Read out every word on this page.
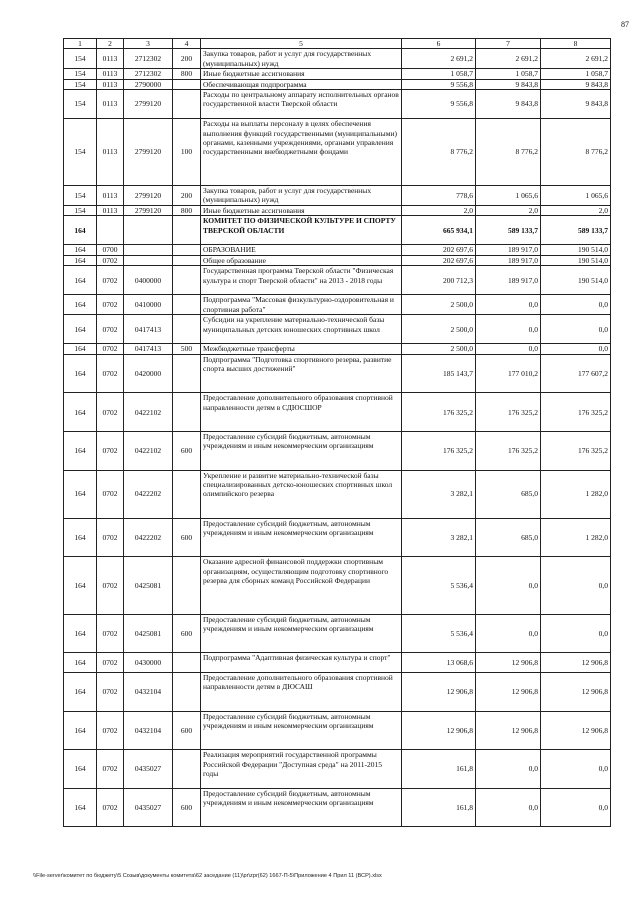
87
1	2	3	4	5	6	7	8
154	0113	2712302	200	Закупка товаров, работ и услуг для государственных (муниципальных) нужд	2 691,2	2 691,2	2 691,2
154	0113	2712302	800	Иные бюджетные ассигнования	1 058,7	1 058,7	1 058,7
154	0113	2790000		Обеспечивающая подпрограмма	9 556,8	9 843,8	9 843,8
154	0113	2799120		Расходы по центральному аппарату исполнительных органов государственной власти Тверской области	9 556,8	9 843,8	9 843,8
154	0113	2799120	100	Расходы на выплаты персоналу в целях обеспечения выполнения функций государственными (муниципальными) органами, казенными учреждениями, органами управления государственными внебюджетными фондами	8 776,2	8 776,2	8 776,2
154	0113	2799120	200	Закупка товаров, работ и услуг для государственных (муниципальных) нужд	778,6	1 065,6	1 065,6
154	0113	2799120	800	Иные бюджетные ассигнования	2,0	2,0	2,0
164				КОМИТЕТ ПО ФИЗИЧЕСКОЙ КУЛЬТУРЕ И СПОРТУ ТВЕРСКОЙ ОБЛАСТИ	665 934,1	589 133,7	589 133,7
164	0700			ОБРАЗОВАНИЕ	202 697,6	189 917,0	190 514,0
164	0702			Общее образование	202 697,6	189 917,0	190 514,0
164	0702	0400000		Государственная программа Тверской области "Физическая культура и спорт Тверской области" на 2013 - 2018 годы	200 712,3	189 917,0	190 514,0
164	0702	0410000		Подпрограмма "Массовая физкультурно-оздоровительная и спортивная работа"	2 500,0	0,0	0,0
164	0702	0417413		Субсидии на укрепление материально-технической базы муниципальных детских юношеских спортивных школ	2 500,0	0,0	0,0
164	0702	0417413	500	Межбюджетные трансферты	2 500,0	0,0	0,0
164	0702	0420000		Подпрограмма "Подготовка спортивного резерва, развитие спорта высших достижений"	185 143,7	177 010,2	177 607,2
164	0702	0422102		Предоставление дополнительного образования спортивной направленности детям в СДЮСШОР	176 325,2	176 325,2	176 325,2
164	0702	0422102	600	Предоставление субсидий бюджетным, автономным учреждениям и иным некоммерческим организациям	176 325,2	176 325,2	176 325,2
164	0702	0422202		Укрепление и развитие материально-технической базы специализированных детско-юношеских спортивных школ олимпийского резерва	3 282,1	685,0	1 282,0
164	0702	0422202	600	Предоставление субсидий бюджетным, автономным учреждениям и иным некоммерческим организациям	3 282,1	685,0	1 282,0
164	0702	0425081		Оказание адресной финансовой поддержки спортивным организациям, осуществляющим подготовку спортивного резерва для сборных команд Российской Федерации	5 536,4	0,0	0,0
164	0702	0425081	600	Предоставление субсидий бюджетным, автономным учреждениям и иным некоммерческим организациям	5 536,4	0,0	0,0
164	0702	0430000		Подпрограмма "Адаптивная физическая культура и спорт"	13 068,6	12 906,8	12 906,8
164	0702	0432104		Предоставление дополнительного образования спортивной направленности детям в ДЮСАШ	12 906,8	12 906,8	12 906,8
164	0702	0432104	600	Предоставление субсидий бюджетным, автономным учреждениям и иным некоммерческим организациям	12 906,8	12 906,8	12 906,8
164	0702	0435027		Реализация мероприятий государственной программы Российской Федерации "Доступная среда" на 2011-2015 годы	161,8	0,0	0,0
164	0702	0435027	600	Предоставление субсидий бюджетным, автономным учреждениям и иным некоммерческим организациям	161,8	0,0	0,0
\\File-server\комитет по бюджету\5 Созыв\документы комитета\62 заседание (11)\pr\zpr(62) 1667-П-5\Приложение 4 Прил 11 (ВСР).xlsx
